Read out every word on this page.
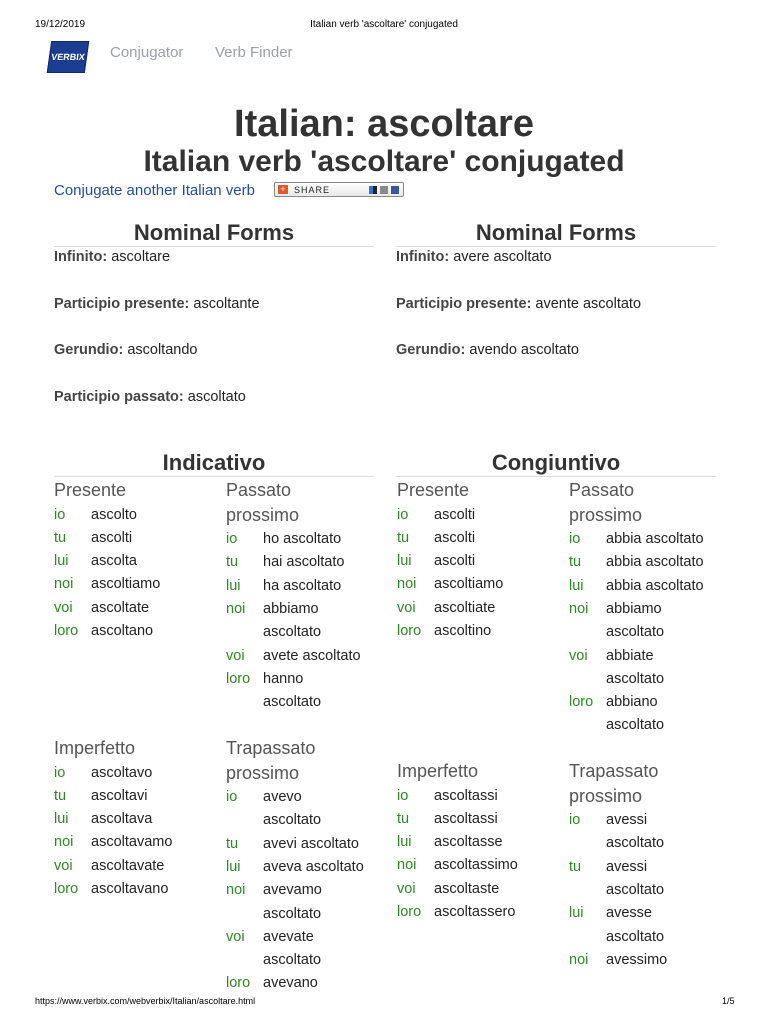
19/12/2019	Italian verb 'ascoltare' conjugated
VERBIX Conjugator Verb Finder
Italian: ascoltare
Italian verb 'ascoltare' conjugated
Conjugate another Italian verb	+ SHARE
Nominal Forms	Nominal Forms
Infinito: ascoltare
Participio presente: ascoltante
Gerundio: ascoltando
Participio passato: ascoltato
Infinito: avere ascoltato
Participio presente: avente ascoltato
Gerundio: avendo ascoltato
Indicativo	Congiuntivo
Presente
io ascolto
tu ascolti
lui ascolta
noi ascoltiamo
voi ascoltate
loro ascoltano
Passato
prossimo
io ho ascoltato
tu hai ascoltato
lui ha ascoltato
noi abbiamo
ascoltato
voi avete ascoltato
loro hanno
ascoltato
Presente
io ascolti
tu ascolti
lui ascolti
noi ascoltiamo
voi ascoltiate
loro ascoltino
Passato
prossimo
io abbia ascoltato
tu abbia ascoltato
lui abbia ascoltato
noi abbiamo
ascoltato
voi abbiate
ascoltato
loro abbiano
ascoltato
Imperfetto
io ascoltavo
tu ascoltavi
lui ascoltava
noi ascoltavamo
voi ascoltavate
loro ascoltavano
Trapassato
prossimo
io avevo
ascoltato
tu avevi ascoltato
lui aveva ascoltato
noi avevamo
ascoltato
voi avevate
ascoltato
loro avevano
Imperfetto
io ascoltassi
tu ascoltassi
lui ascoltasse
noi ascoltassimo
voi ascoltaste
loro ascoltassero
Trapassato
prossimo
io avessi
ascoltato
tu avessi
ascoltato
lui avesse
ascoltato
noi avessimo
https://www.verbix.com/webverbix/Italian/ascoltare.html	1/5
